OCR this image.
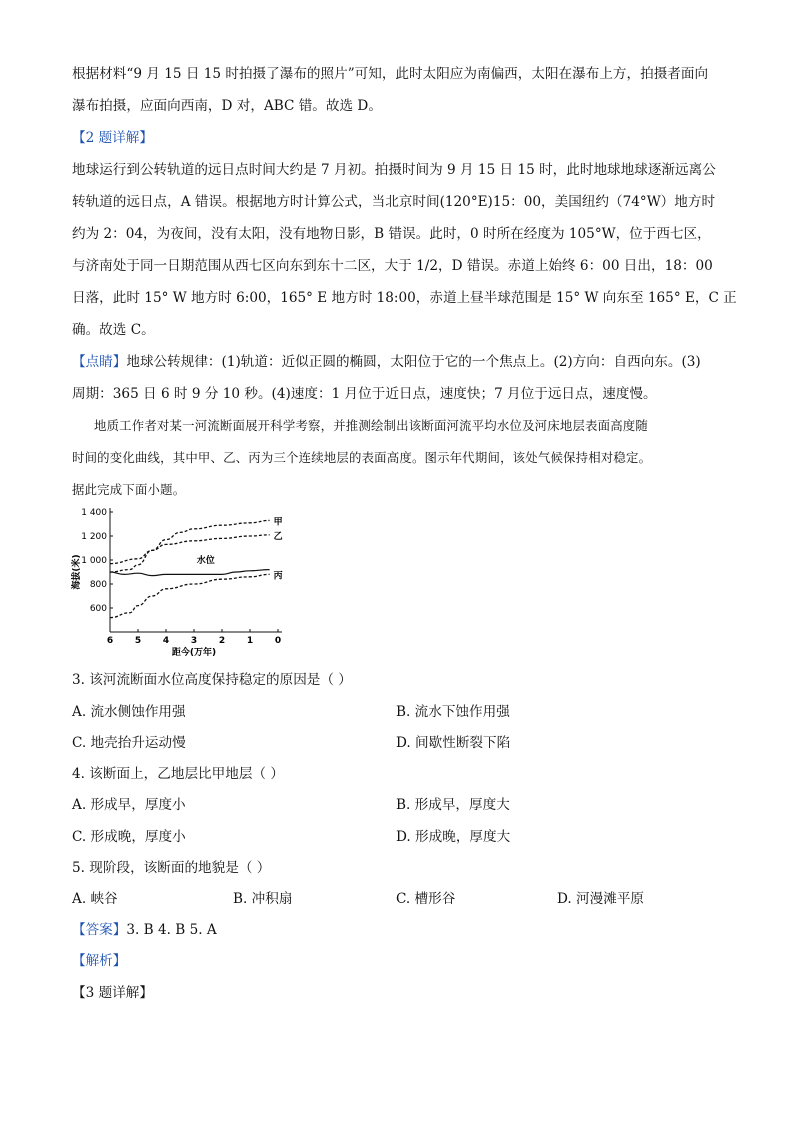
根据材料“9 月 15 日 15 时拍摄了瀑布的照片”可知，此时太阳应为南偏西，太阳在瀑布上方，拍摄者面向
瀑布拍摄，应面向西南，D 对，ABC 错。故选 D。
【2 题详解】
地球运行到公转轨道的远日点时间大约是 7 月初。拍摄时间为 9 月 15 日 15 时，此时地球地球逐渐远离公
转轨道的远日点，A 错误。根据地方时计算公式，当北京时间(120°E)15：00，美国纽约（74°W）地方时
约为 2：04，为夜间，没有太阳，没有地物日影，B 错误。此时，0 时所在经度为 105°W，位于西七区，
与济南处于同一日期范围从西七区向东到东十二区，大于 1/2，D 错误。赤道上始终 6：00 日出，18：00
日落，此时 15° W 地方时 6:00，165° E 地方时 18:00，赤道上昼半球范围是 15° W 向东至 165° E，C 正
确。故选 C。
【点睛】地球公转规律：(1)轨道：近似正圆的椭圆，太阳位于它的一个焦点上。(2)方向：自西向东。(3)
周期：365 日 6 时 9 分 10 秒。(4)速度：1 月位于近日点，速度快；7 月位于远日点，速度慢。
地质工作者对某一河流断面展开科学考察，并推测绘制出该断面河流平均水位及河床地层表面高度随
时间的变化曲线，其中甲、乙、丙为三个连续地层的表面高度。图示年代期间，该处气候保持相对稳定。
据此完成下面小题。
6 5 4 3 2 1 0
1 400
1 200
1 000
800
600
距今(万年)
海拔(米)
甲
乙
丙
水位
3. 该河流断面水位高度保持稳定的原因是（ ）
A. 流水侧蚀作用强	B. 流水下蚀作用强
C. 地壳抬升运动慢	D. 间歇性断裂下陷
4. 该断面上，乙地层比甲地层（ ）
A. 形成早，厚度小	B. 形成早，厚度大
C. 形成晚，厚度小	D. 形成晚，厚度大
5. 现阶段，该断面的地貌是（ ）
A. 峡谷	B. 冲积扇	C. 槽形谷	D. 河漫滩平原
【答案】3. B 4. B 5. A
【解析】
【3 题详解】
